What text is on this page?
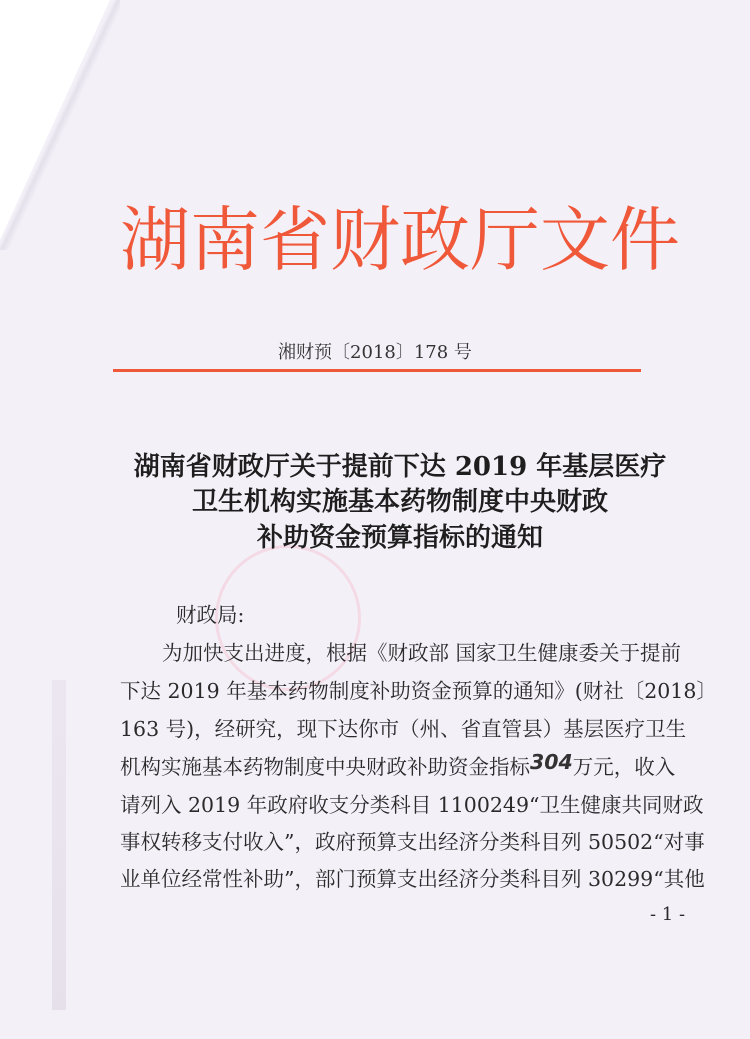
湖 南 省 财 政 厅 文 件
湘财预〔2018〕178 号
湖南省财政厅关于提前下达 2019 年基层医疗
卫生机构实施基本药物制度中央财政
补助资金预算指标的通知
财政局:
为加快支出进度，根据《财政部 国家卫生健康委关于提前
下达 2019 年基本药物制度补助资金预算的通知》(财社〔2018〕
163 号)，经研究，现下达你市（州、省直管县）基层医疗卫生
机构实施基本药物制度中央财政补助资金指标 304 万元，收入
请列入 2019 年政府收支分类科目 1100249“卫生健康共同财政
事权转移支付收入”，政府预算支出经济分类科目列 50502“对事
业单位经常性补助”，部门预算支出经济分类科目列 30299“其他
- 1 -
